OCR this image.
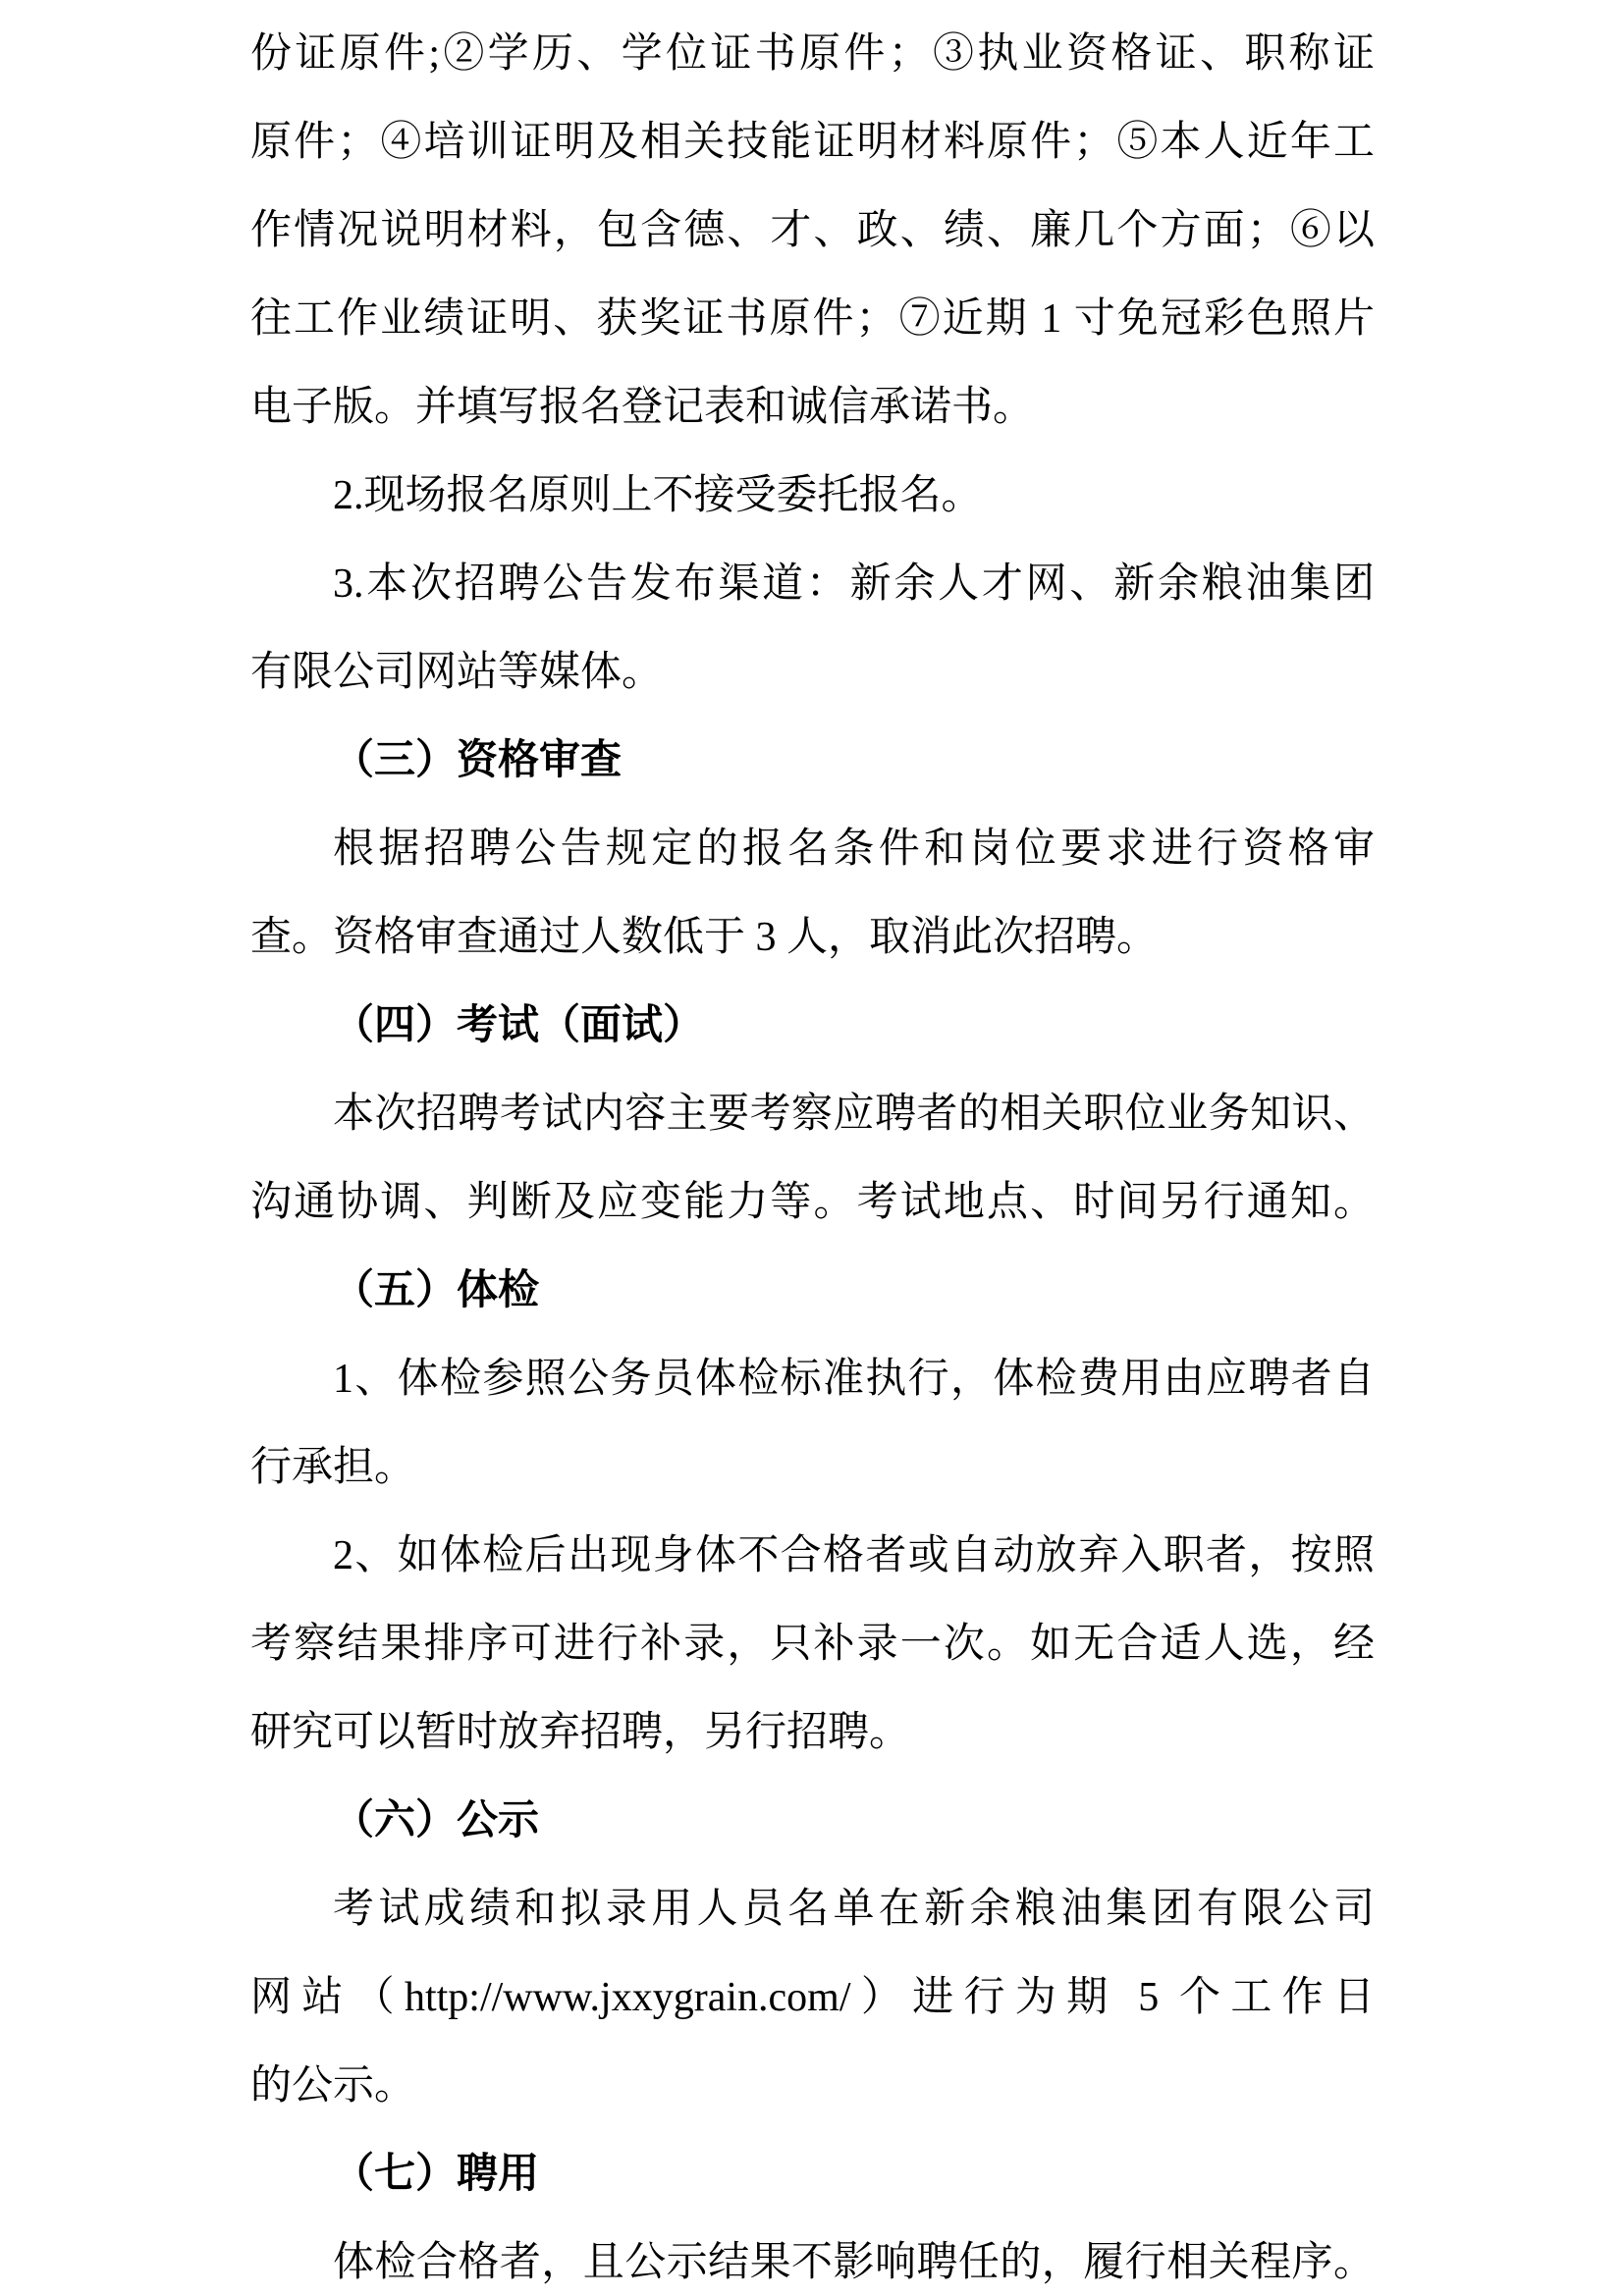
份证原件;②学历、学位证书原件；③执业资格证、职称证
原件；④培训证明及相关技能证明材料原件；⑤本人近年工
作情况说明材料，包含德、才、政、绩、廉几个方面；⑥以
往工作业绩证明、获奖证书原件；⑦近期 1 寸免冠彩色照片
电子版。并填写报名登记表和诚信承诺书。
2.现场报名原则上不接受委托报名。
3.本次招聘公告发布渠道：新余人才网、新余粮油集团
有限公司网站等媒体。
（三）资格审查
根据招聘公告规定的报名条件和岗位要求进行资格审
查。资格审查通过人数低于 3 人，取消此次招聘。
（四）考试（面试）
本次招聘考试内容主要考察应聘者的相关职位业务知识、
沟通协调、判断及应变能力等。考试地点、时间另行通知。
（五）体检
1、体检参照公务员体检标准执行，体检费用由应聘者自
行承担。
2、如体检后出现身体不合格者或自动放弃入职者，按照
考察结果排序可进行补录，只补录一次。如无合适人选，经
研究可以暂时放弃招聘，另行招聘。
（六）公示
考试成绩和拟录用人员名单在新余粮油集团有限公司
网站（http://www.jxxygrain.com/）进行为期 5 个工作日
的公示。
（七）聘用
体检合格者，且公示结果不影响聘任的，履行相关程序。
